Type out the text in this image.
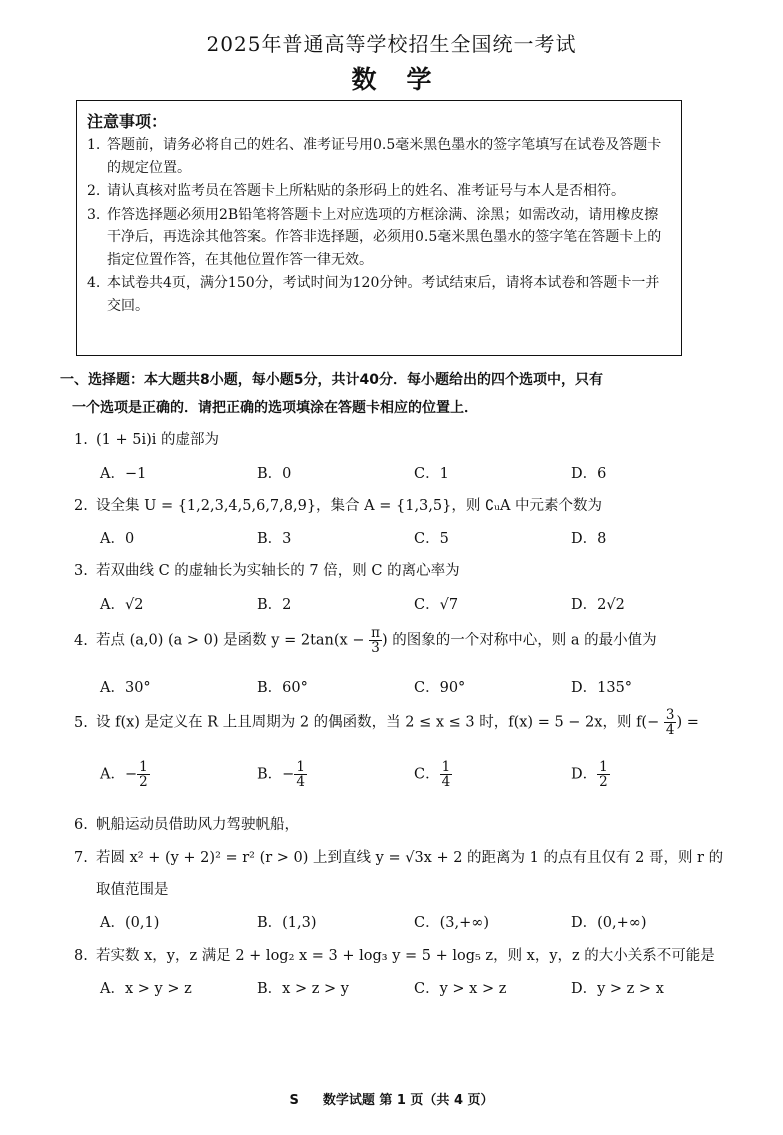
2025年普通高等学校招生全国统一考试
数学
注意事项：
1. 答题前，请务必将自己的姓名、准考证号用0.5毫米黑色墨水的签字笔填写在试卷及答题卡的规定位置。
2. 请认真核对监考员在答题卡上所粘贴的条形码上的姓名、准考证号与本人是否相符。
3. 作答选择题必须用2B铅笔将答题卡上对应选项的方框涂满、涂黑；如需改动，请用橡皮擦干净后，再选涂其他答案。作答非选择题，必须用0.5毫米黑色墨水的签字笔在答题卡上的指定位置作答，在其他位置作答一律无效。
4. 本试卷共4页，满分150分，考试时间为120分钟。考试结束后，请将本试卷和答题卡一并交回。
一、选择题：本大题共8小题，每小题5分，共计40分．每小题给出的四个选项中，只有
一个选项是正确的．请把正确的选项填涂在答题卡相应的位置上．
1. (1 + 5i)i 的虚部为
A．−1	B．0	C．1	D．6
2. 设全集 U = {1,2,3,4,5,6,7,8,9}，集合 A = {1,3,5}，则 ∁ᵤA 中元素个数为
A．0	B．3	C．5	D．8
3. 若双曲线 C 的虚轴长为实轴长的 7 倍，则 C 的离心率为
A．√2	B．2	C．√7	D．2√2
4. 若点 (a,0) (a > 0) 是函数 $y = 2\tan(x - \frac{\pi}{3}$ ) 的图象的一个对称中心，则 a 的最小值为
A．30°	B．60°	C．90°	D．135°
5. 设 f(x) 是定义在 R 上且周期为 2 的偶函数，当 2 ≤ x ≤ 3 时，f(x) = 5 − 2x，则 $f(- \frac{3}{4}$ ) =
A．− $\frac{1}{2}$	B．− $\frac{1}{4}$	C． $\frac{1}{4}$	D． $\frac{1}{2}$
6. 帆船运动员借助风力驾驶帆船，
7. 若圆 x² + (y + 2)² = r² (r > 0) 上到直线 y = √3x + 2 的距离为 1 的点有且仅有 2 哥，则 r 的
取值范围是
A．(0,1)	B．(1,3)	C．(3,+∞)	D．(0,+∞)
8. 若实数 x，y，z 满足 2 + log₂ x = 3 + log₃ y = 5 + log₅ z，则 x，y，z 的大小关系不可能是
A．x > y > z	B．x > z > y	C．y > x > z	D．y > z > x
S 数学试题 第 1 页（共 4 页）
